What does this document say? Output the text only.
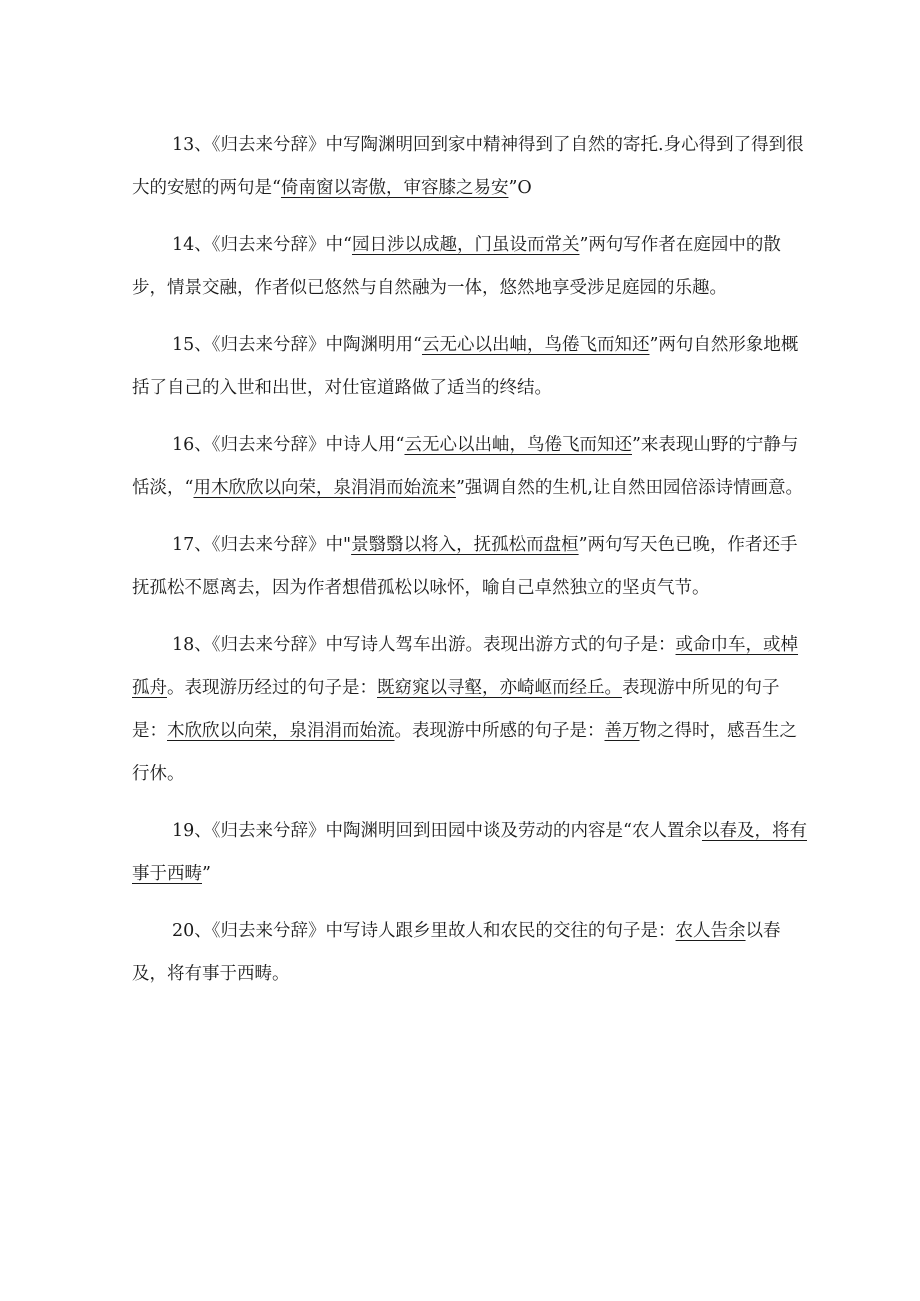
13、《归去来兮辞》中写陶渊明回到家中精神得到了自然的寄托.身心得到了得到很大的安慰的两句是“倚南窗以寄傲，审容膝之易安”O

14、《归去来兮辞》中“园日涉以成趣，门虽设而常关”两句写作者在庭园中的散步，情景交融，作者似已悠然与自然融为一体，悠然地享受涉足庭园的乐趣。

15、《归去来兮辞》中陶渊明用“云无心以出岫，鸟倦飞而知还”两句自然形象地概括了自己的入世和出世，对仕宦道路做了适当的终结。

16、《归去来兮辞》中诗人用“云无心以出岫，鸟倦飞而知还”来表现山野的宁静与恬淡，“用木欣欣以向荣，泉涓涓而始流来”强调自然的生机,让自然田园倍添诗情画意。

17、《归去来兮辞》中"景翳翳以将入，抚孤松而盘桓”两句写天色已晚，作者还手抚孤松不愿离去，因为作者想借孤松以咏怀，喻自己卓然独立的坚贞气节。

18、《归去来兮辞》中写诗人驾车出游。表现出游方式的句子是：或命巾车，或棹孤舟。表现游历经过的句子是：既窈窕以寻壑，亦崎岖而经丘。表现游中所见的句子是：木欣欣以向荣，泉涓涓而始流。表现游中所感的句子是：善万物之得时，感吾生之行休。

19、《归去来兮辞》中陶渊明回到田园中谈及劳动的内容是“农人置余以春及，将有事于西畴”

20、《归去来兮辞》中写诗人跟乡里故人和农民的交往的句子是：农人告余以春及，将有事于西畴。
